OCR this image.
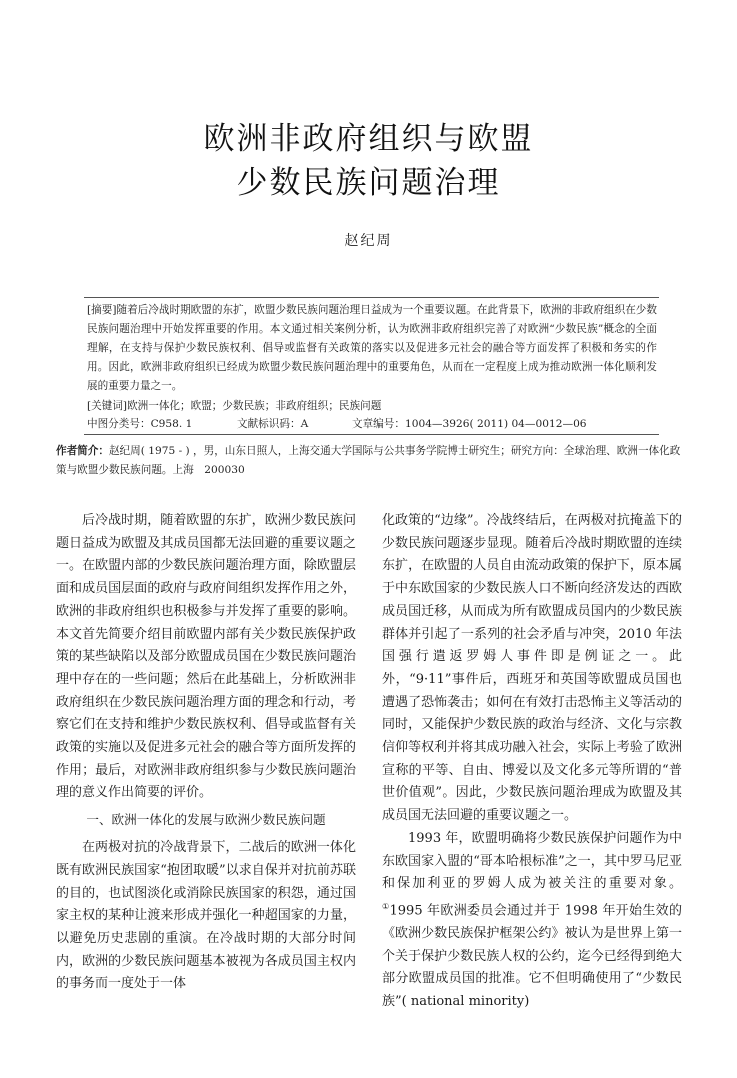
欧洲非政府组织与欧盟
少数民族问题治理
赵纪周
[摘要]随着后冷战时期欧盟的东扩，欧盟少数民族问题治理日益成为一个重要议题。在此背景下，欧洲的非政府组织在少数民族问题治理中开始发挥重要的作用。本文通过相关案例分析，认为欧洲非政府组织完善了对欧洲“少数民族”概念的全面理解，在支持与保护少数民族权利、倡导或监督有关政策的落实以及促进多元社会的融合等方面发挥了积极和务实的作用。因此，欧洲非政府组织已经成为欧盟少数民族问题治理中的重要角色，从而在一定程度上成为推动欧洲一体化顺利发展的重要力量之一。
[关键词]欧洲一体化；欧盟；少数民族；非政府组织；民族问题
中图分类号：C958. 1	文献标识码：A	文章编号：1004—3926( 2011) 04—0012—06
作者简介：赵纪周( 1975 - ) ，男，山东日照人，上海交通大学国际与公共事务学院博士研究生；研究方向：全球治理、欧洲一体化政策与欧盟少数民族问题。上海　200030

后冷战时期，随着欧盟的东扩，欧洲少数民族问题日益成为欧盟及其成员国都无法回避的重要议题之一。在欧盟内部的少数民族问题治理方面，除欧盟层面和成员国层面的政府与政府间组织发挥作用之外，欧洲的非政府组织也积极参与并发挥了重要的影响。本文首先简要介绍目前欧盟内部有关少数民族保护政策的某些缺陷以及部分欧盟成员国在少数民族问题治理中存在的一些问题；然后在此基础上，分析欧洲非政府组织在少数民族问题治理方面的理念和行动，考察它们在支持和维护少数民族权利、倡导或监督有关政策的实施以及促进多元社会的融合等方面所发挥的作用；最后，对欧洲非政府组织参与少数民族问题治理的意义作出简要的评价。

一、欧洲一体化的发展与欧洲少数民族问题

在两极对抗的冷战背景下，二战后的欧洲一体化既有欧洲民族国家“抱团取暖”以求自保并对抗前苏联的目的，也试图淡化或消除民族国家的积怨，通过国家主权的某种让渡来形成并强化一种超国家的力量，以避免历史悲剧的重演。在冷战时期的大部分时间内，欧洲的少数民族问题基本被视为各成员国主权内的事务而一度处于一体

化政策的“边缘”。冷战终结后，在两极对抗掩盖下的少数民族问题逐步显现。随着后冷战时期欧盟的连续东扩，在欧盟的人员自由流动政策的保护下，原本属于中东欧国家的少数民族人口不断向经济发达的西欧成员国迁移，从而成为所有欧盟成员国内的少数民族群体并引起了一系列的社会矛盾与冲突，2010 年法国强行遣返罗姆人事件即是例证之一。此外，“9·11”事件后，西班牙和英国等欧盟成员国也遭遇了恐怖袭击；如何在有效打击恐怖主义等活动的同时，又能保护少数民族的政治与经济、文化与宗教信仰等权利并将其成功融入社会，实际上考验了欧洲宣称的平等、自由、博爱以及文化多元等所谓的“普世价值观”。因此，少数民族问题治理成为欧盟及其成员国无法回避的重要议题之一。

1993 年，欧盟明确将少数民族保护问题作为中东欧国家入盟的“哥本哈根标准”之一，其中罗马尼亚和保加利亚的罗姆人成为被关注的重要对象。①1995 年欧洲委员会通过并于 1998 年开始生效的《欧洲少数民族保护框架公约》被认为是世界上第一个关于保护少数民族人权的公约，迄今已经得到绝大部分欧盟成员国的批准。它不但明确使用了“少数民族”( national minority)
